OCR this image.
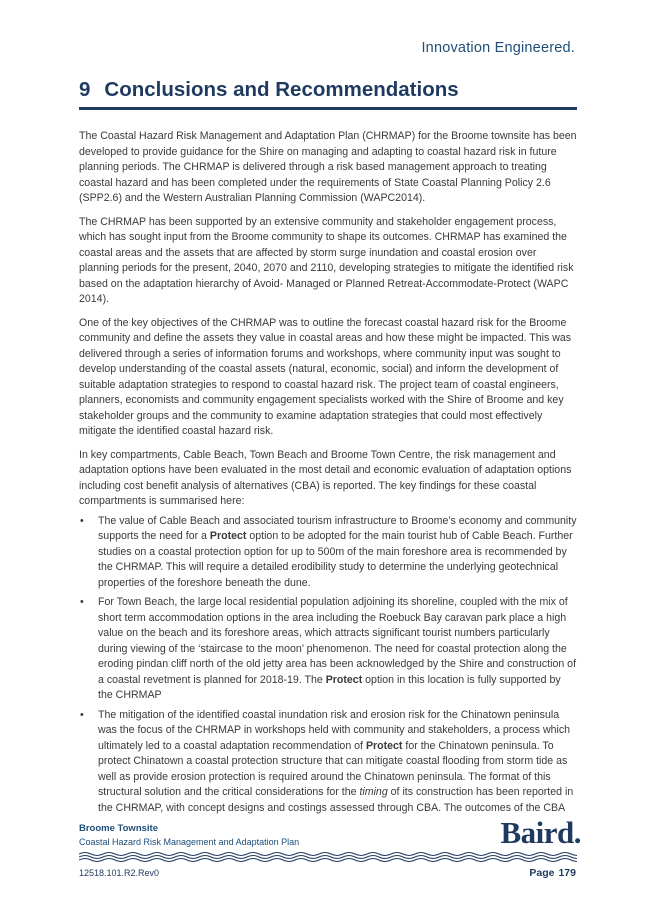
Innovation Engineered.
9 Conclusions and Recommendations

The Coastal Hazard Risk Management and Adaptation Plan (CHRMAP) for the Broome townsite has been developed to provide guidance for the Shire on managing and adapting to coastal hazard risk in future planning periods. The CHRMAP is delivered through a risk based management approach to treating coastal hazard and has been completed under the requirements of State Coastal Planning Policy 2.6 (SPP2.6) and the Western Australian Planning Commission (WAPC2014).

The CHRMAP has been supported by an extensive community and stakeholder engagement process, which has sought input from the Broome community to shape its outcomes. CHRMAP has examined the coastal areas and the assets that are affected by storm surge inundation and coastal erosion over planning periods for the present, 2040, 2070 and 2110, developing strategies to mitigate the identified risk based on the adaptation hierarchy of Avoid- Managed or Planned Retreat-Accommodate-Protect (WAPC 2014).

One of the key objectives of the CHRMAP was to outline the forecast coastal hazard risk for the Broome community and define the assets they value in coastal areas and how these might be impacted. This was delivered through a series of information forums and workshops, where community input was sought to develop understanding of the coastal assets (natural, economic, social) and inform the development of suitable adaptation strategies to respond to coastal hazard risk. The project team of coastal engineers, planners, economists and community engagement specialists worked with the Shire of Broome and key stakeholder groups and the community to examine adaptation strategies that could most effectively mitigate the identified coastal hazard risk.

In key compartments, Cable Beach, Town Beach and Broome Town Centre, the risk management and adaptation options have been evaluated in the most detail and economic evaluation of adaptation options including cost benefit analysis of alternatives (CBA) is reported. The key findings for these coastal compartments is summarised here:

• The value of Cable Beach and associated tourism infrastructure to Broome’s economy and community supports the need for a Protect option to be adopted for the main tourist hub of Cable Beach. Further studies on a coastal protection option for up to 500m of the main foreshore area is recommended by the CHRMAP. This will require a detailed erodibility study to determine the underlying geotechnical properties of the foreshore beneath the dune.
• For Town Beach, the large local residential population adjoining its shoreline, coupled with the mix of short term accommodation options in the area including the Roebuck Bay caravan park place a high value on the beach and its foreshore areas, which attracts significant tourist numbers particularly during viewing of the ‘staircase to the moon’ phenomenon. The need for coastal protection along the eroding pindan cliff north of the old jetty area has been acknowledged by the Shire and construction of a coastal revetment is planned for 2018-19. The Protect option in this location is fully supported by the CHRMAP
• The mitigation of the identified coastal inundation risk and erosion risk for the Chinatown peninsula was the focus of the CHRMAP in workshops held with community and stakeholders, a process which ultimately led to a coastal adaptation recommendation of Protect for the Chinatown peninsula. To protect Chinatown a coastal protection structure that can mitigate coastal flooding from storm tide as well as provide erosion protection is required around the Chinatown peninsula. The format of this structural solution and the critical considerations for the timing of its construction has been reported in the CHRMAP, with concept designs and costings assessed through CBA. The outcomes of the CBA
Broome Townsite
Coastal Hazard Risk Management and Adaptation Plan	Baird.
12518.101.R2.Rev0	Page 179
